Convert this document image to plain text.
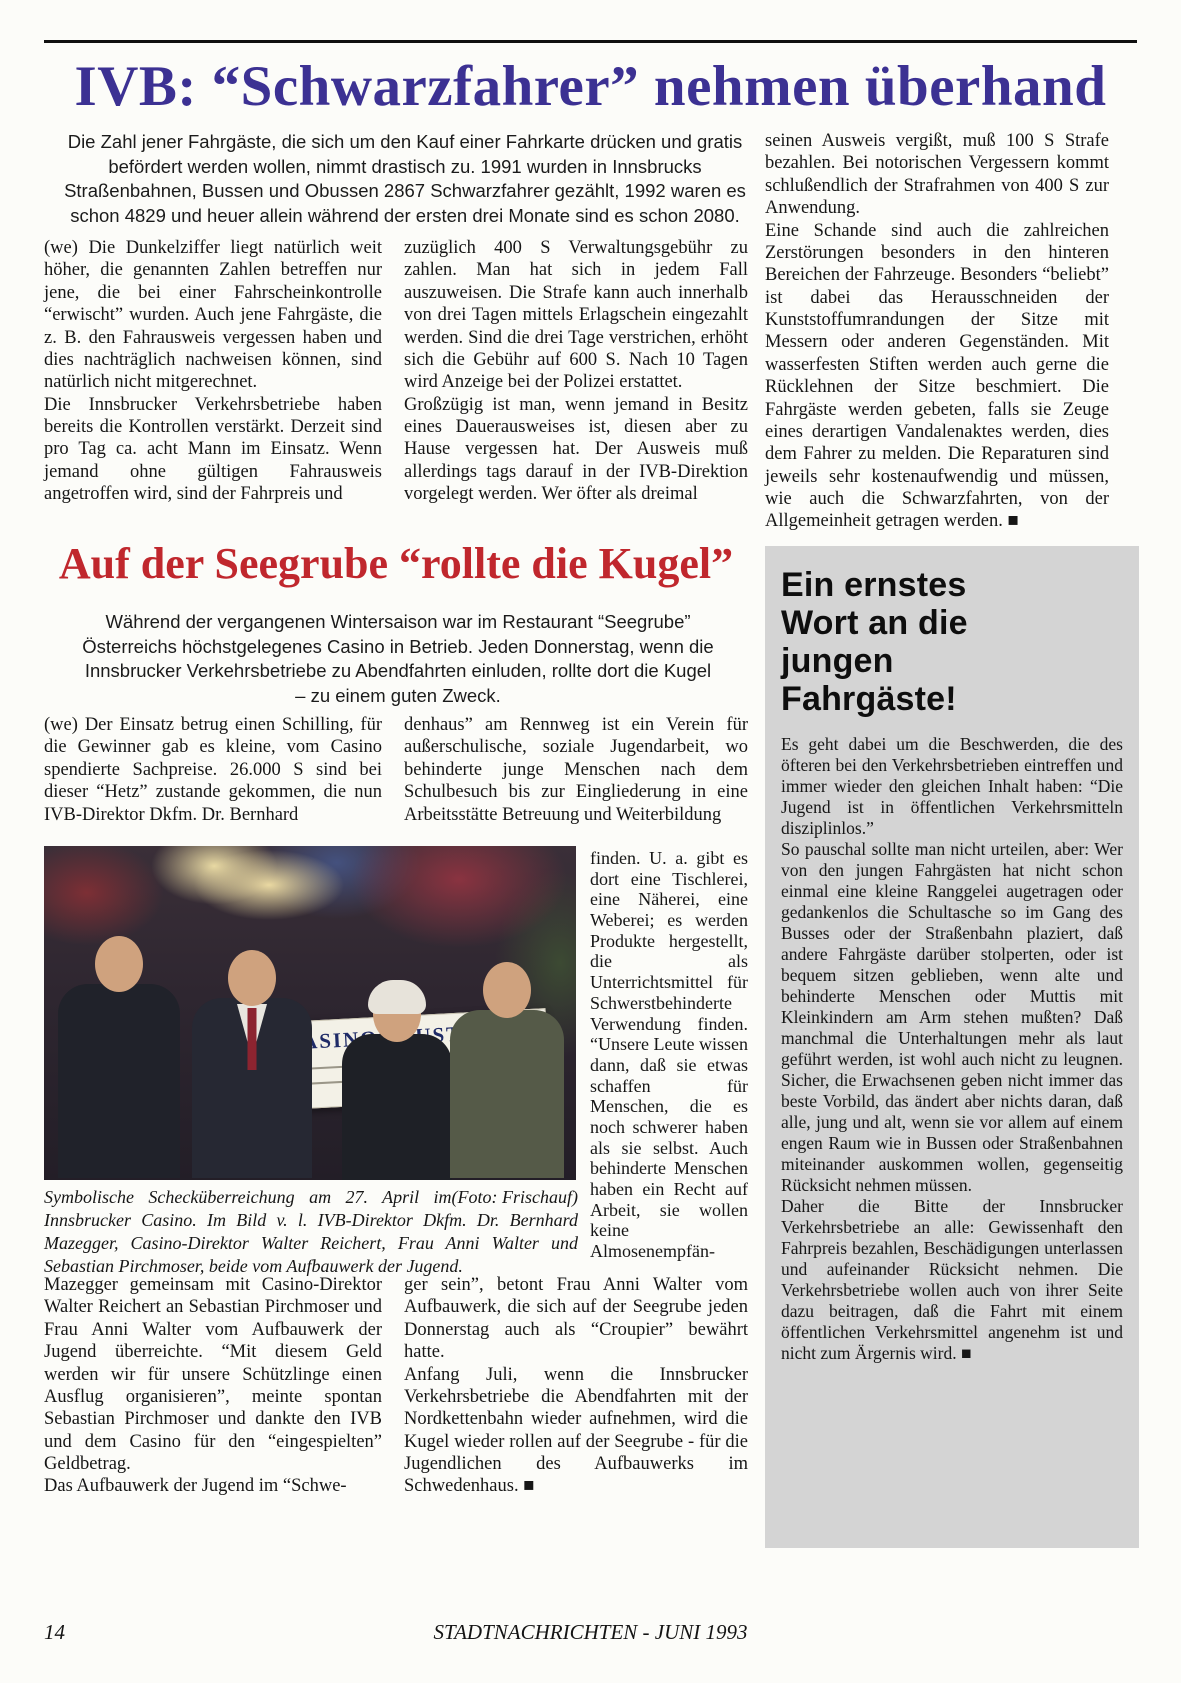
IVB: “Schwarzfahrer” nehmen überhand
Die Zahl jener Fahrgäste, die sich um den Kauf einer Fahrkarte drücken und gratis befördert werden wollen, nimmt drastisch zu. 1991 wurden in Innsbrucks Straßenbahnen, Bussen und Obussen 2867 Schwarzfahrer gezählt, 1992 waren es schon 4829 und heuer allein während der ersten drei Monate sind es schon 2080.

(we) Die Dunkelziffer liegt natürlich weit höher, die genannten Zahlen betreffen nur jene, die bei einer Fahrscheinkontrolle “erwischt” wurden. Auch jene Fahrgäste, die z. B. den Fahrausweis vergessen haben und dies nachträglich nachweisen können, sind natürlich nicht mitgerechnet.

Die Innsbrucker Verkehrsbetriebe haben bereits die Kontrollen verstärkt. Derzeit sind pro Tag ca. acht Mann im Einsatz. Wenn jemand ohne gültigen Fahrausweis angetroffen wird, sind der Fahrpreis und

zuzüglich 400 S Verwaltungsgebühr zu zahlen. Man hat sich in jedem Fall auszuweisen. Die Strafe kann auch innerhalb von drei Tagen mittels Erlagschein eingezahlt werden. Sind die drei Tage verstrichen, erhöht sich die Gebühr auf 600 S. Nach 10 Tagen wird Anzeige bei der Polizei erstattet.

Großzügig ist man, wenn jemand in Besitz eines Dauerausweises ist, diesen aber zu Hause vergessen hat. Der Ausweis muß allerdings tags darauf in der IVB-Direktion vorgelegt werden. Wer öfter als dreimal

seinen Ausweis vergißt, muß 100 S Strafe bezahlen. Bei notorischen Vergessern kommt schlußendlich der Strafrahmen von 400 S zur Anwendung.

Eine Schande sind auch die zahlreichen Zerstörungen besonders in den hinteren Bereichen der Fahrzeuge. Besonders “beliebt” ist dabei das Herausschneiden der Kunststoffumrandungen der Sitze mit Messern oder anderen Gegenständen. Mit wasserfesten Stiften werden auch gerne die Rücklehnen der Sitze beschmiert. Die Fahrgäste werden gebeten, falls sie Zeuge eines derartigen Vandalenaktes werden, dies dem Fahrer zu melden. Die Reparaturen sind jeweils sehr kostenaufwendig und müssen, wie auch die Schwarzfahrten, von der Allgemeinheit getragen werden. ■

Auf der Seegrube “rollte die Kugel”
Während der vergangenen Wintersaison war im Restaurant “Seegrube” Österreichs höchstgelegenes Casino in Betrieb. Jeden Donnerstag, wenn die Innsbrucker Verkehrsbetriebe zu Abendfahrten einluden, rollte dort die Kugel – zu einem guten Zweck.

(we) Der Einsatz betrug einen Schilling, für die Gewinner gab es kleine, vom Casino spendierte Sachpreise. 26.000 S sind bei dieser “Hetz” zustande gekommen, die nun IVB-Direktor Dkfm. Dr. Bernhard

denhaus” am Rennweg ist ein Verein für außerschulische, soziale Jugendarbeit, wo behinderte junge Menschen nach dem Schulbesuch bis zur Eingliederung in eine Arbeitsstätte Betreuung und Weiterbildung

CASINOS

finden. U. a. gibt es dort eine Tischlerei, eine Näherei, eine Weberei; es werden Produkte hergestellt, die als Unterrichtsmittel für Schwerstbehinderte Verwendung finden. “Unsere Leute wissen dann, daß sie etwas schaffen für Menschen, die es noch schwerer haben als sie selbst. Auch behinderte Menschen haben ein Recht auf Arbeit, sie wollen keine Almosenempfän-

(Foto: Frischauf)
Symbolische Schecküberreichung am 27. April im Innsbrucker Casino. Im Bild v. l. IVB-Direktor Dkfm. Dr. Bernhard Mazegger, Casino-Direktor Walter Reichert, Frau Anni Walter und Sebastian Pirchmoser, beide vom Aufbauwerk der Jugend.

Mazegger gemeinsam mit Casino-Direktor Walter Reichert an Sebastian Pirchmoser und Frau Anni Walter vom Aufbauwerk der Jugend überreichte. “Mit diesem Geld werden wir für unsere Schützlinge einen Ausflug organisieren”, meinte spontan Sebastian Pirchmoser und dankte den IVB und dem Casino für den “eingespielten” Geldbetrag.

Das Aufbauwerk der Jugend im “Schwe-

ger sein”, betont Frau Anni Walter vom Aufbauwerk, die sich auf der Seegrube jeden Donnerstag auch als “Croupier” bewährt hatte.

Anfang Juli, wenn die Innsbrucker Verkehrsbetriebe die Abendfahrten mit der Nordkettenbahn wieder aufnehmen, wird die Kugel wieder rollen auf der Seegrube - für die Jugendlichen des Aufbauwerks im Schwedenhaus. ■

Ein ernstes Wort an die jungen Fahrgäste!

Es geht dabei um die Beschwerden, die des öfteren bei den Verkehrsbetrieben eintreffen und immer wieder den gleichen Inhalt haben: “Die Jugend ist in öffentlichen Verkehrsmitteln disziplinlos.”

So pauschal sollte man nicht urteilen, aber: Wer von den jungen Fahrgästen hat nicht schon einmal eine kleine Ranggelei augetragen oder gedankenlos die Schultasche so im Gang des Busses oder der Straßenbahn plaziert, daß andere Fahrgäste darüber stolperten, oder ist bequem sitzen geblieben, wenn alte und behinderte Menschen oder Muttis mit Kleinkindern am Arm stehen mußten? Daß manchmal die Unterhaltungen mehr als laut geführt werden, ist wohl auch nicht zu leugnen. Sicher, die Erwachsenen geben nicht immer das beste Vorbild, das ändert aber nichts daran, daß alle, jung und alt, wenn sie vor allem auf einem engen Raum wie in Bussen oder Straßenbahnen miteinander auskommen wollen, gegenseitig Rücksicht nehmen müssen.

Daher die Bitte der Innsbrucker Verkehrsbetriebe an alle: Gewissenhaft den Fahrpreis bezahlen, Beschädigungen unterlassen und aufeinander Rücksicht nehmen. Die Verkehrsbetriebe wollen auch von ihrer Seite dazu beitragen, daß die Fahrt mit einem öffentlichen Verkehrsmittel angenehm ist und nicht zum Ärgernis wird. ■

14	STADTNACHRICHTEN - JUNI 1993
